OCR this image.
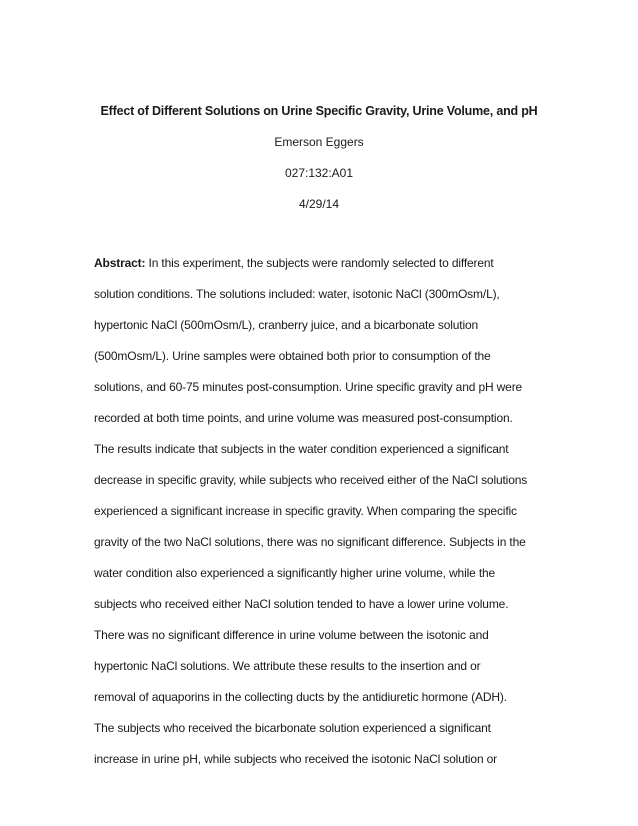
Effect of Different Solutions on Urine Specific Gravity, Urine Volume, and pH
Emerson Eggers
027:132:A01
4/29/14
Abstract: In this experiment, the subjects were randomly selected to different
solution conditions. The solutions included: water, isotonic NaCl (300mOsm/L),
hypertonic NaCl (500mOsm/L), cranberry juice, and a bicarbonate solution
(500mOsm/L). Urine samples were obtained both prior to consumption of the
solutions, and 60-75 minutes post-consumption. Urine specific gravity and pH were
recorded at both time points, and urine volume was measured post-consumption.
The results indicate that subjects in the water condition experienced a significant
decrease in specific gravity, while subjects who received either of the NaCl solutions
experienced a significant increase in specific gravity. When comparing the specific
gravity of the two NaCl solutions, there was no significant difference. Subjects in the
water condition also experienced a significantly higher urine volume, while the
subjects who received either NaCl solution tended to have a lower urine volume.
There was no significant difference in urine volume between the isotonic and
hypertonic NaCl solutions. We attribute these results to the insertion and or
removal of aquaporins in the collecting ducts by the antidiuretic hormone (ADH).
The subjects who received the bicarbonate solution experienced a significant
increase in urine pH, while subjects who received the isotonic NaCl solution or
